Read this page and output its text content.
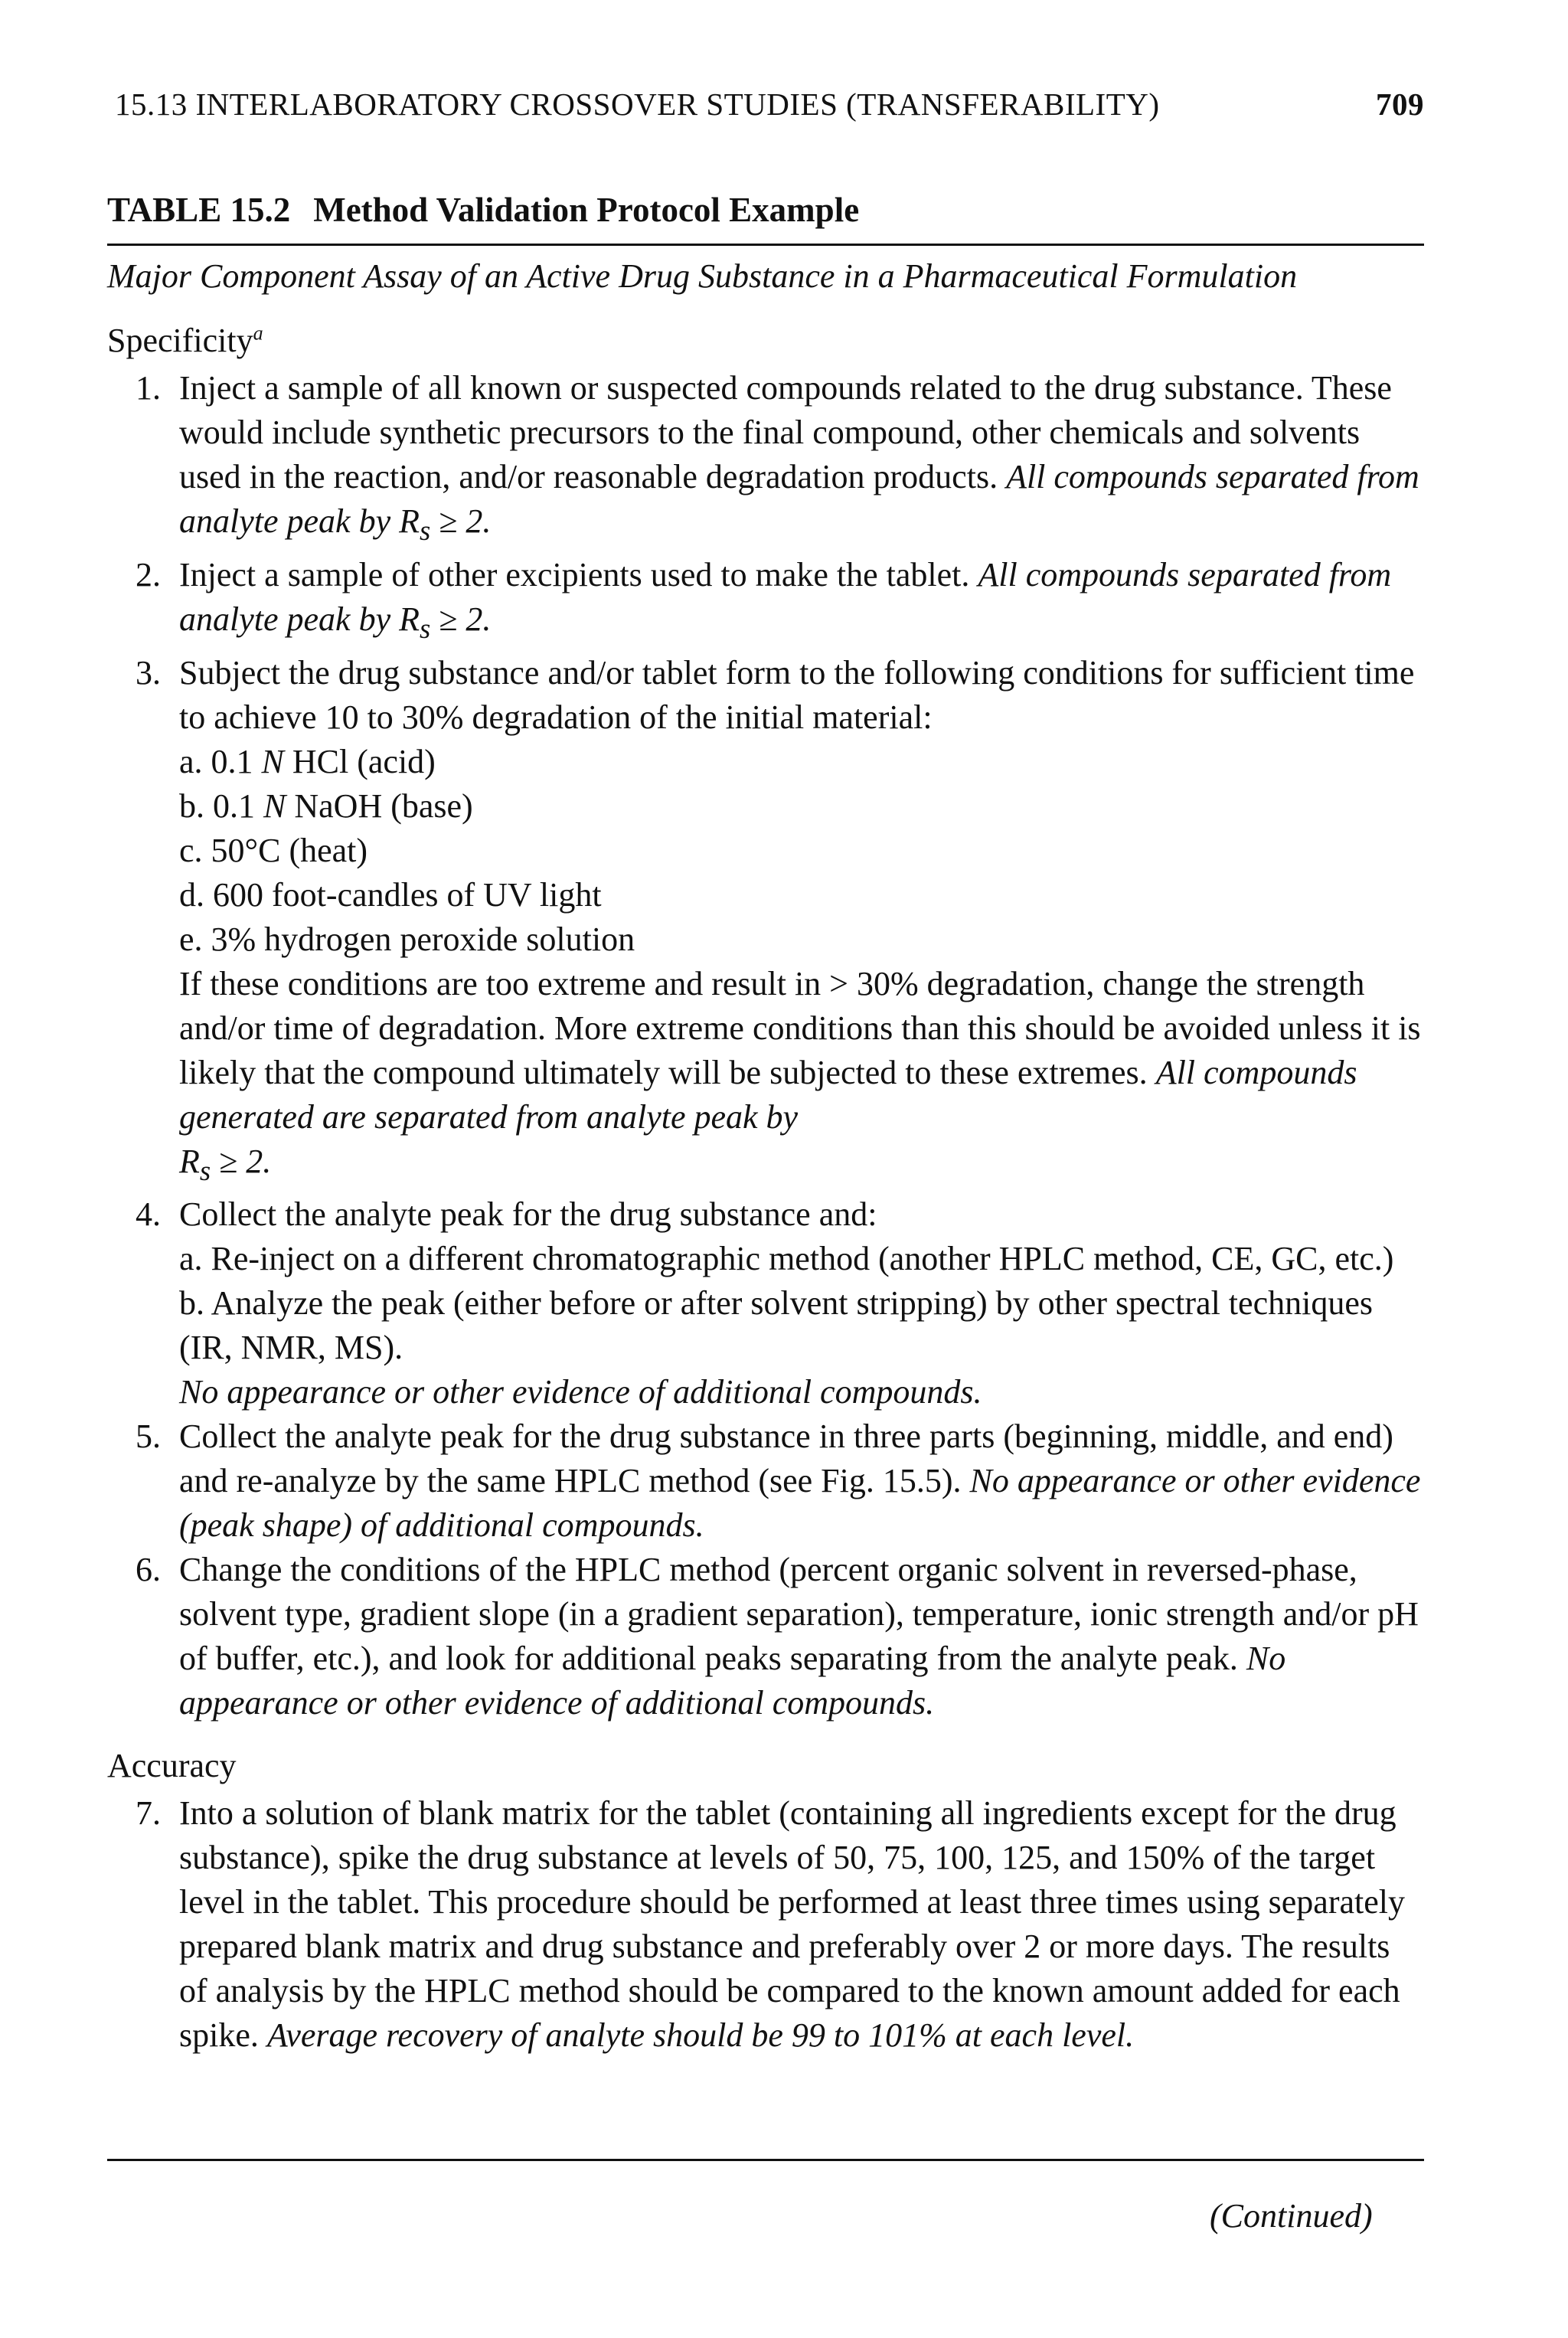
15.13 INTERLABORATORY CROSSOVER STUDIES (TRANSFERABILITY)	709
TABLE 15.2 Method Validation Protocol Example
Major Component Assay of an Active Drug Substance in a Pharmaceutical Formulation
Specificity$^a$
1. Inject a sample of all known or suspected compounds related to the drug substance. These would include synthetic precursors to the final compound, other chemicals and solvents used in the reaction, and/or reasonable degradation products. All compounds separated from analyte peak by $R_s \ge 2$.
2. Inject a sample of other excipients used to make the tablet. All compounds separated from analyte peak by $R_s \ge 2$.
3. Subject the drug substance and/or tablet form to the following conditions for sufficient time to achieve 10 to 30% degradation of the initial material:
a. 0.1 N HCl (acid)
b. 0.1 N NaOH (base)
c. 50°C (heat)
d. 600 foot-candles of UV light
e. 3% hydrogen peroxide solution
If these conditions are too extreme and result in > 30% degradation, change the strength and/or time of degradation. More extreme conditions than this should be avoided unless it is likely that the compound ultimately will be subjected to these extremes. All compounds generated are separated from analyte peak by
$R_s \ge 2$.
4. Collect the analyte peak for the drug substance and:
a. Re-inject on a different chromatographic method (another HPLC method, CE, GC, etc.)
b. Analyze the peak (either before or after solvent stripping) by other spectral techniques (IR, NMR, MS).
No appearance or other evidence of additional compounds.
5. Collect the analyte peak for the drug substance in three parts (beginning, middle, and end) and re-analyze by the same HPLC method (see Fig. 15.5). No appearance or other evidence (peak shape) of additional compounds.
6. Change the conditions of the HPLC method (percent organic solvent in reversed-phase, solvent type, gradient slope (in a gradient separation), temperature, ionic strength and/or pH of buffer, etc.), and look for additional peaks separating from the analyte peak. No appearance or other evidence of additional compounds.
Accuracy
7. Into a solution of blank matrix for the tablet (containing all ingredients except for the drug substance), spike the drug substance at levels of 50, 75, 100, 125, and 150% of the target level in the tablet. This procedure should be performed at least three times using separately prepared blank matrix and drug substance and preferably over 2 or more days. The results of analysis by the HPLC method should be compared to the known amount added for each spike. Average recovery of analyte should be 99 to 101% at each level.
(Continued)
